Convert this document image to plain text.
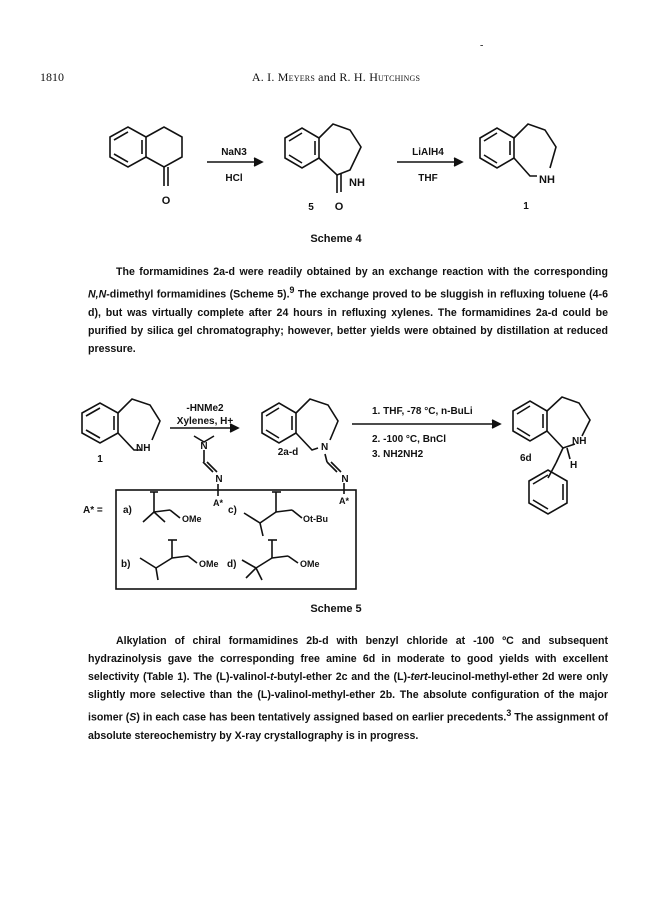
-
1810	A. I. Meyers and R. H. Hutchings
O
NH
O
5
NH
1
NaN3
HCl
LiAlH4
THF
Scheme 4
The formamidines 2a-d were readily obtained by an exchange reaction with the corresponding N,N-dimethyl formamidines (Scheme 5).$^9$ The exchange proved to be sluggish in refluxing toluene (4-6 d), but was virtually complete after 24 hours in refluxing xylenes. The formamidines 2a-d could be purified by silica gel chromatography; however, better yields were obtained by distillation at reduced pressure.
NH
1
-HNMe2
Xylenes, H+
N
N
A*
N
2a-d
N
A*
1. THF, -78 °C, n-BuLi
2. -100 °C, BnCl
3. NH2NH2
NH
H
6d
A* = a)
OMe
c)
Ot-Bu
b)	OMe d)	OMe
Scheme 5
Alkylation of chiral formamidines 2b-d with benzyl chloride at -100 ºC and subsequent hydrazinolysis gave the corresponding free amine 6d in moderate to good yields with excellent selectivity (Table 1). The (L)-valinol-t-butyl-ether 2c and the (L)-tert-leucinol-methyl-ether 2d were only slightly more selective than the (L)-valinol-methyl-ether 2b. The absolute configuration of the major isomer (S) in each case has been tentatively assigned based on earlier precedents.$^3$ The assignment of absolute stereochemistry by X-ray crystallography is in progress.
